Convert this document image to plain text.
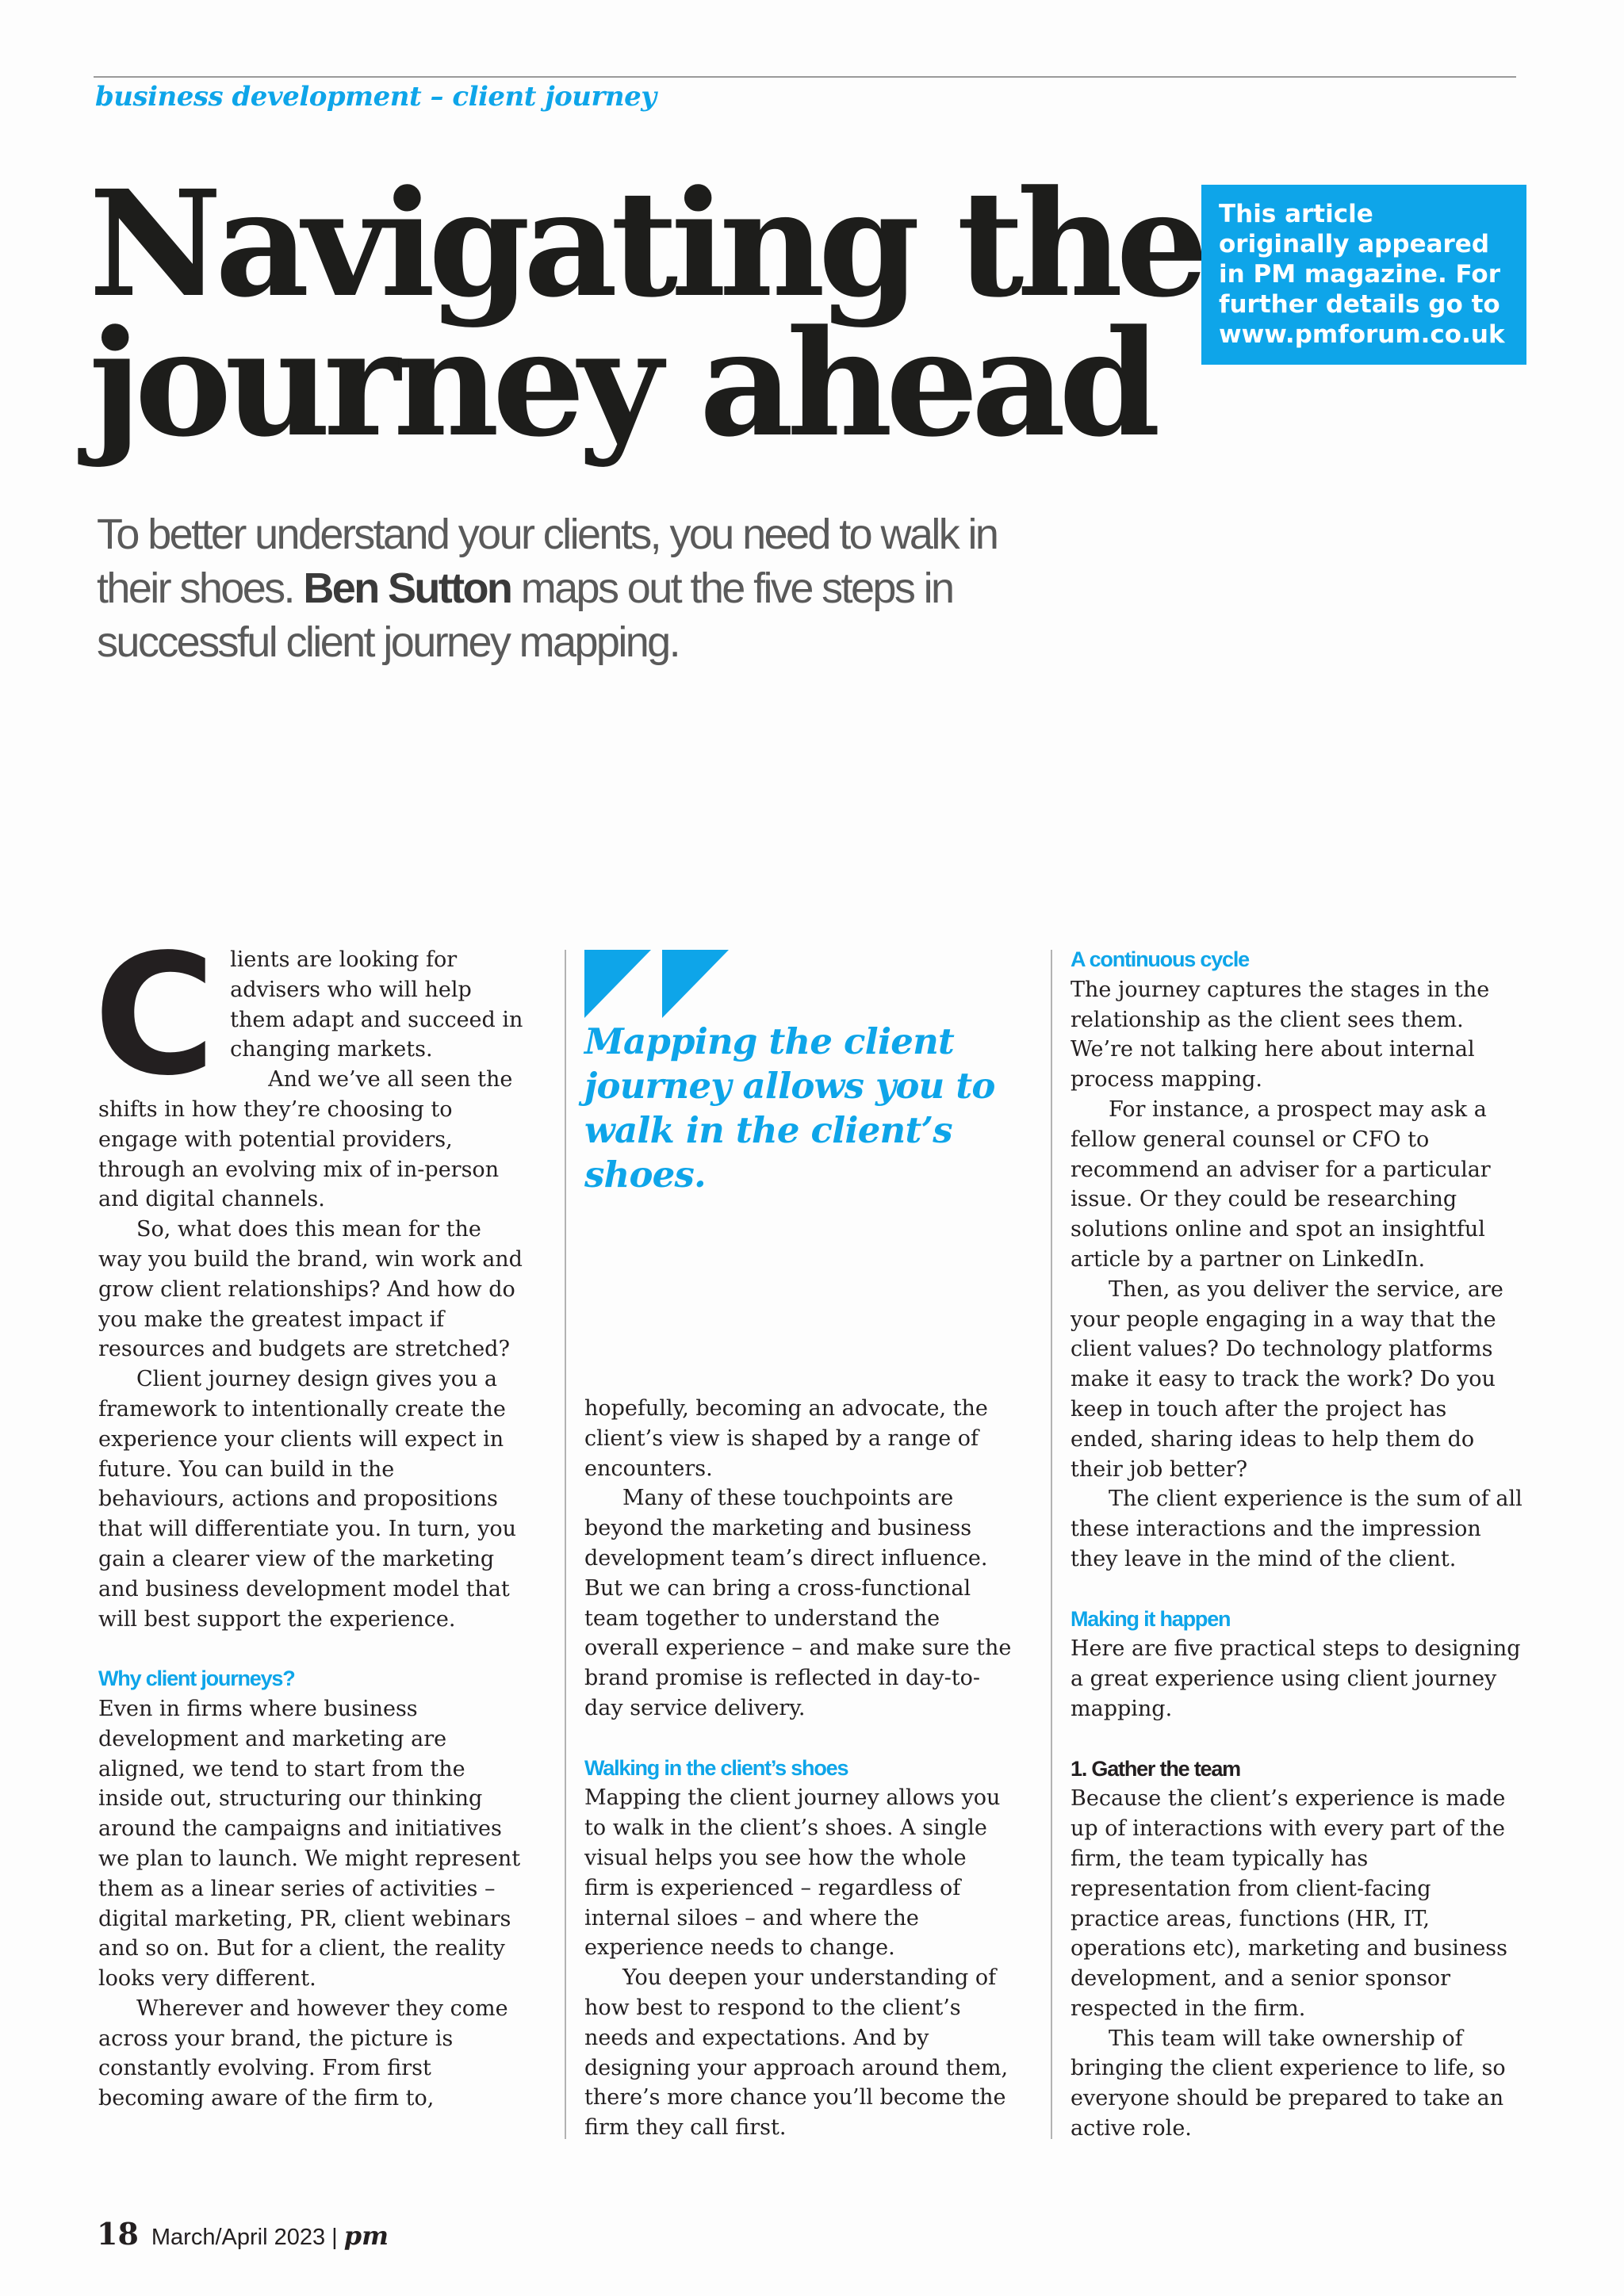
business development – client journey
Navigating the
journey ahead
This article originally appeared in PM magazine. For further details go to www.pmforum.co.uk
To better understand your clients, you need to walk in their shoes. Ben Sutton maps out the five steps in successful client journey mapping.

Clients are looking for advisers who will help them adapt and succeed in changing markets.

And we’ve all seen the shifts in how they’re choosing to engage with potential providers, through an evolving mix of in-person and digital channels.

So, what does this mean for the way you build the brand, win work and grow client relationships? And how do you make the greatest impact if resources and budgets are stretched?

Client journey design gives you a framework to intentionally create the experience your clients will expect in future. You can build in the behaviours, actions and propositions that will differentiate you. In turn, you gain a clearer view of the marketing and business development model that will best support the experience.

Why client journeys?

Even in firms where business development and marketing are aligned, we tend to start from the inside out, structuring our thinking around the campaigns and initiatives we plan to launch. We might represent them as a linear series of activities – digital marketing, PR, client webinars and so on. But for a client, the reality looks very different.

Wherever and however they come across your brand, the picture is constantly evolving. From first becoming aware of the firm to,

Mapping the client journey allows you to walk in the client’s shoes.

hopefully, becoming an advocate, the client’s view is shaped by a range of encounters.

Many of these touchpoints are beyond the marketing and business development team’s direct influence. But we can bring a cross-functional team together to understand the overall experience – and make sure the brand promise is reflected in day-to-day service delivery.

Walking in the client’s shoes

Mapping the client journey allows you to walk in the client’s shoes. A single visual helps you see how the whole firm is experienced – regardless of internal siloes – and where the experience needs to change.

You deepen your understanding of how best to respond to the client’s needs and expectations. And by designing your approach around them, there’s more chance you’ll become the firm they call first.

A continuous cycle

The journey captures the stages in the relationship as the client sees them. We’re not talking here about internal process mapping.

For instance, a prospect may ask a fellow general counsel or CFO to recommend an adviser for a particular issue. Or they could be researching solutions online and spot an insightful article by a partner on LinkedIn.

Then, as you deliver the service, are your people engaging in a way that the client values? Do technology platforms make it easy to track the work? Do you keep in touch after the project has ended, sharing ideas to help them do their job better?

The client experience is the sum of all these interactions and the impression they leave in the mind of the client.

Making it happen

Here are five practical steps to designing a great experience using client journey mapping.

1. Gather the team

Because the client’s experience is made up of interactions with every part of the firm, the team typically has representation from client-facing practice areas, functions (HR, IT, operations etc), marketing and business development, and a senior sponsor respected in the firm.

This team will take ownership of bringing the client experience to life, so everyone should be prepared to take an active role.

18 March/April 2023 | pm
